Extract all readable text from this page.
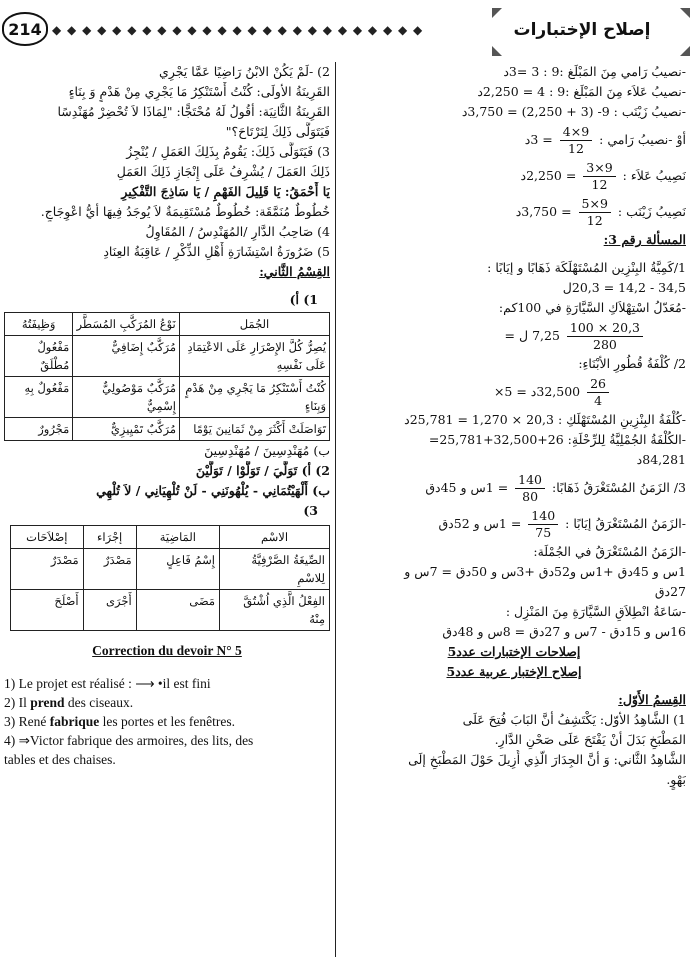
214 ◆ ◆ ◆ ◆ ◆ ◆ ◆ ◆ ◆ ◆ ◆ ◆ ◆ ◆ ◆ ◆ ◆ ◆ ◆ ◆ ◆ ◆ ◆ ◆ ◆	إصلاح الإختبارات
-نصيبُ رَامي مِنَ المَبْلَغ :9 : 3 =3د
-نصيبُ عَلاَء مِنَ المَبْلَغ :9 : 4 = 2,250د
-نصيبُ زَيْنَب : 9- (3 + 2,250) = 3,750د
أوْ -نصيبُ رَامي :
$\frac{4\times 9}{12}$
= 3د
نَصِيبُ عَلاَء :
$\frac{3\times 9}{12}$
= 2,250د
نَصِيبُ زَيْنَب :
$\frac{5\times 9}{12}$
= 3,750د
المسألة رقم 3:
1/كَمِيَّةُ البِنْزِين المُسْتَهْلَكَة ذَهَابًا و إيَابًا :
34,5 - 14,2 = 20,3ل
-مُعَدّلُ اسْتِهْلاَكِ السَّيَّارَةِ في 100كم:

$\frac{100 \times 20,3}{280}$
7,25 ل =
2/ كُلْفَةُ قُطُورِ الأبْنَاءِ:

$\frac{26}{4}$
32,500د = 5×
-كُلْفَةُ البِنْزِينِ المُسْتَهْلَكِ : 20,3 × 1,270 = 25,781د
-الكُلْفَةُ الجُمْلِيَّةُ لِلرِّحْلَةِ: 26+32,500+25,781=
84,281د
3/ الزَمَنُ المُسْتَغْرَقُ ذَهَابًا:
$\frac{140}{80}$
= 1س و 45دق
-الزَمَنُ المُسْتَغْرَقُ إيَابًا :
$\frac{140}{75}$
= 1س و 52دق
-الزَمَنُ المُسْتَغْرَقُ في الجُمْلَة:
1س و 45دق +1س و52دق +3س و 50دق = 7س و
27دق
-سَاعَةُ انْطِلاَقِ السَّيَّارَةِ مِنَ المَنْزِل :
16س و 15دق - 7س و 27دق = 8س و 48دق
إصلاحات الإختبارات عدد5
إصلاح الإختبار عربية عدد5
القِسمُ الأَوّل:
1) الشَّاهِدُ الأوّل: يَكْتَشِفُ أنَّ البَابَ فُتِحَ عَلَى
المَطْبَخِ بَدَلَ أنْ يَفْتَحَ عَلَى صَحْنِ الدَّارِ.
الشَّاهِدُ الثَّاني: وَ أنَّ الجِدَارَ الّذِي أُزِيلَ حَوْلَ المَطْبَخِ إلَى
بَهْوٍ.
2) -لَمْ يَكُنْ الابْنُ رَاضِيًا عَمَّا يَجْرِي
القَرِينَةُ الأولَى: كُنْتُ أَسْتَنْكِرُ مَا يَجْرِي مِنْ هَدْمٍ وَ بِنَاءٍ
القَرِينَةُ الثَّانِيَة: أقُولُ لَهُ مُحْتَجًّا: "لِمَاذَا لاَ تُحْضِرْ مُهَنْدِسًا
فَيَتَوَلَّى ذَلِكَ لِنَرْتَاحَ؟"
3) فَيَتَوَلَّى ذَلِكَ: يَقُومُ بِذَلِكَ العَمَلِ / يُنْجِزُ
ذَلِكَ العَمَلَ / يُشْرِفُ عَلَى إِنْجَازِ ذَلِكَ العَمَلِ
يَا أَحْمَقُ: يَا قَلِيلَ الفَهْمِ / يَا سَاذِجَ التَّفْكِيرِ
خُطُوطٌ مُنَمَّقَة: خُطُوطٌ مُسْتَقِيمَةٌ لاَ يُوجَدُ فِيهَا أيُّ اعْوِجَاجٍ.
4) صَاحِبُ الدَّارِ /المُهَنْدِسُ / المُقَاوِلُ
5) ضَرُورَةُ اسْتِشَارَةِ أَهْلِ الذِّكْرِ / عَاقِبَةُ العِنَادِ
القِسْمُ الثَّاني:
1) أ)
الجُمَل	نَوْعُ المُرَكَّبِ المُسَطَّر	وَظِيفَتُهُ
يُصِرُّ كُلَّ الإِصْرَارِ عَلَى الاعْتِمَادِ عَلَى نَفْسِهِ	مُرَكَّبٌ إِضَافِيٌّ	مَفْعُولٌ مُطْلَقٌ
كُنْتُ أَسْتَنْكِرُ مَا يَجْرِي مِنْ هَدْمٍ وَبِنَاءٍ	مُرَكَّبٌ مَوْصُولِيٌّ إِسْمِيٌّ	مَفْعُولٌ بِهِ
تَوَاصَلَتْ أَكْثَرَ مِنْ ثَمَانِينَ يَوْمًا	مُرَكَّبٌ تَمْيِيزِيٌّ	مَجْرُورٌ
ب) مُهَنْدِسِينَ / مُهَنْدِسِينَ
2) أ) تَوَلَّيَ / تَوَلَّوْا / تَوَلَّيْنَ
ب) أَلْهَيْتُمَانِي - يُلْهُونَنِي - لَنْ تُلْهِيَانِي / لاَ تُلْهِي
3)
الاسْم	المَاضِيَة	إجْرَاء	إصْلاَحَات
الصِّيغَةُ الصَّرْفِيَّةُ لِلاسْمِ	إِسْمُ فَاعِلٍ	مَصْدَرٌ	مَصْدَرٌ
الفِعْلُ الَّذِي اُشْتُقَّ مِنْهُ	مَضَى	أَجْرَى	أَصْلَحَ
Correction du devoir N° 5
1) Le projet est réalisé : ⟶ •il est fini
2) Il prend des ciseaux.
3) René fabrique les portes et les fenêtres.
4) ⇒Victor fabrique des armoires, des lits, des
tables et des chaises.
